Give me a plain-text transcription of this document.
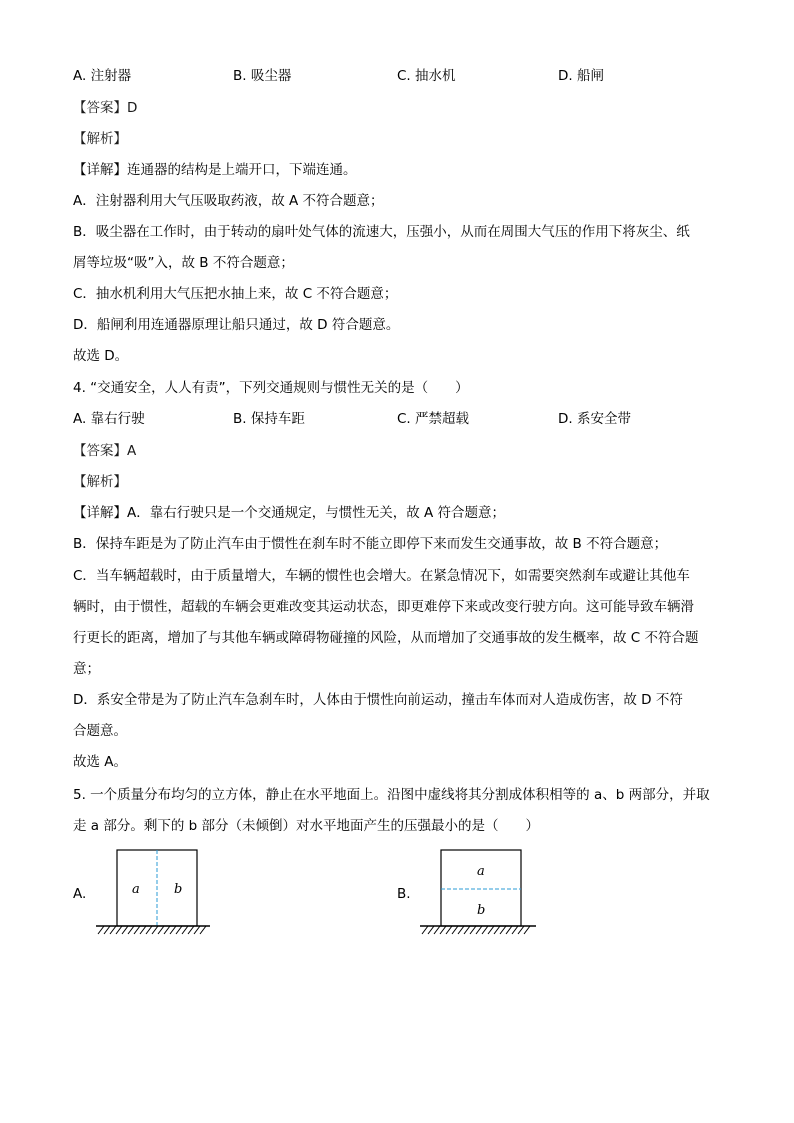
A. 注射器	B. 吸尘器	C. 抽水机	D. 船闸
【答案】D
【解析】
【详解】连通器的结构是上端开口，下端连通。
A．注射器利用大气压吸取药液，故 A 不符合题意；
B．吸尘器在工作时，由于转动的扇叶处气体的流速大，压强小，从而在周围大气压的作用下将灰尘、纸
屑等垃圾“吸”入，故 B 不符合题意；
C．抽水机利用大气压把水抽上来，故 C 不符合题意；
D．船闸利用连通器原理让船只通过，故 D 符合题意。
故选 D。
4. “交通安全，人人有责”，下列交通规则与惯性无关的是（　　）
A. 靠右行驶	B. 保持车距	C. 严禁超载	D. 系安全带
【答案】A
【解析】
【详解】A．靠右行驶只是一个交通规定，与惯性无关，故 A 符合题意；
B．保持车距是为了防止汽车由于惯性在刹车时不能立即停下来而发生交通事故，故 B 不符合题意；
C．当车辆超载时，由于质量增大，车辆的惯性也会增大。在紧急情况下，如需要突然刹车或避让其他车
辆时，由于惯性，超载的车辆会更难改变其运动状态，即更难停下来或改变行驶方向。这可能导致车辆滑
行更长的距离，增加了与其他车辆或障碍物碰撞的风险，从而增加了交通事故的发生概率，故 C 不符合题
意；
D．系安全带是为了防止汽车急刹车时，人体由于惯性向前运动，撞击车体而对人造成伤害，故 D 不符
合题意。
故选 A。
5. 一个质量分布均匀的立方体，静止在水平地面上。沿图中虚线将其分割成体积相等的 a、b 两部分，并取
走 a 部分。剩下的 b 部分（未倾倒）对水平地面产生的压强最小的是（　　）
A.	a	b	B.
a
b
